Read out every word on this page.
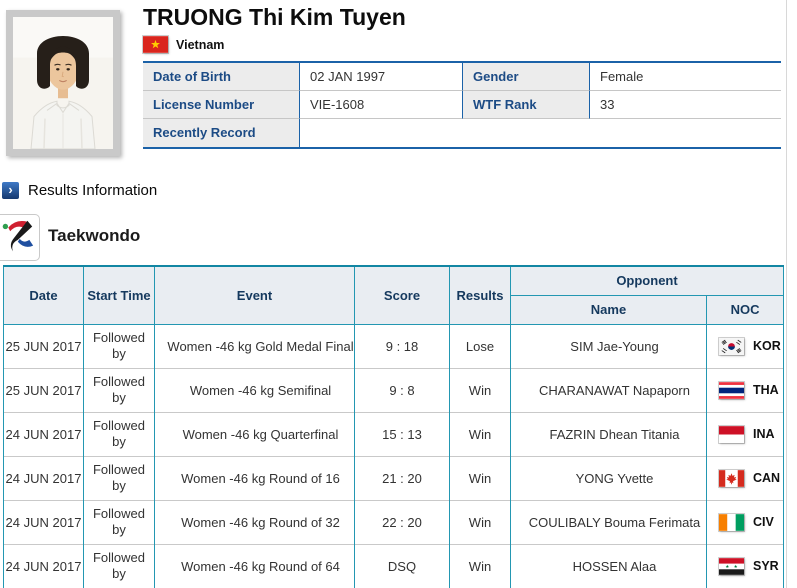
TRUONG Thi Kim Tuyen
Vietnam
Date of Birth	02 JAN 1997	Gender	Female
License Number	VIE-1608	WTF Rank	33
Recently Record
›	Results Information
Taekwondo
Date	Start Time	Event	Score	Results	Opponent	
					Name	NOC
25 JUN 2017	Followed by	Women -46 kg Gold Medal Final	9 : 18	Lose	SIM Jae-Young	KOR

25 JUN 2017	Followed by	Women -46 kg Semifinal	9 : 8	Win	CHARANAWAT Napaporn	THA

24 JUN 2017	Followed by	Women -46 kg Quarterfinal	15 : 13	Win	FAZRIN Dhean Titania	INA

24 JUN 2017	Followed by	Women -46 kg Round of 16	21 : 20	Win	YONG Yvette	CAN

24 JUN 2017	Followed by	Women -46 kg Round of 32	22 : 20	Win	COULIBALY Bouma Ferimata	CIV

24 JUN 2017	Followed by	Women -46 kg Round of 64	DSQ	Win	HOSSEN Alaa	SYR
